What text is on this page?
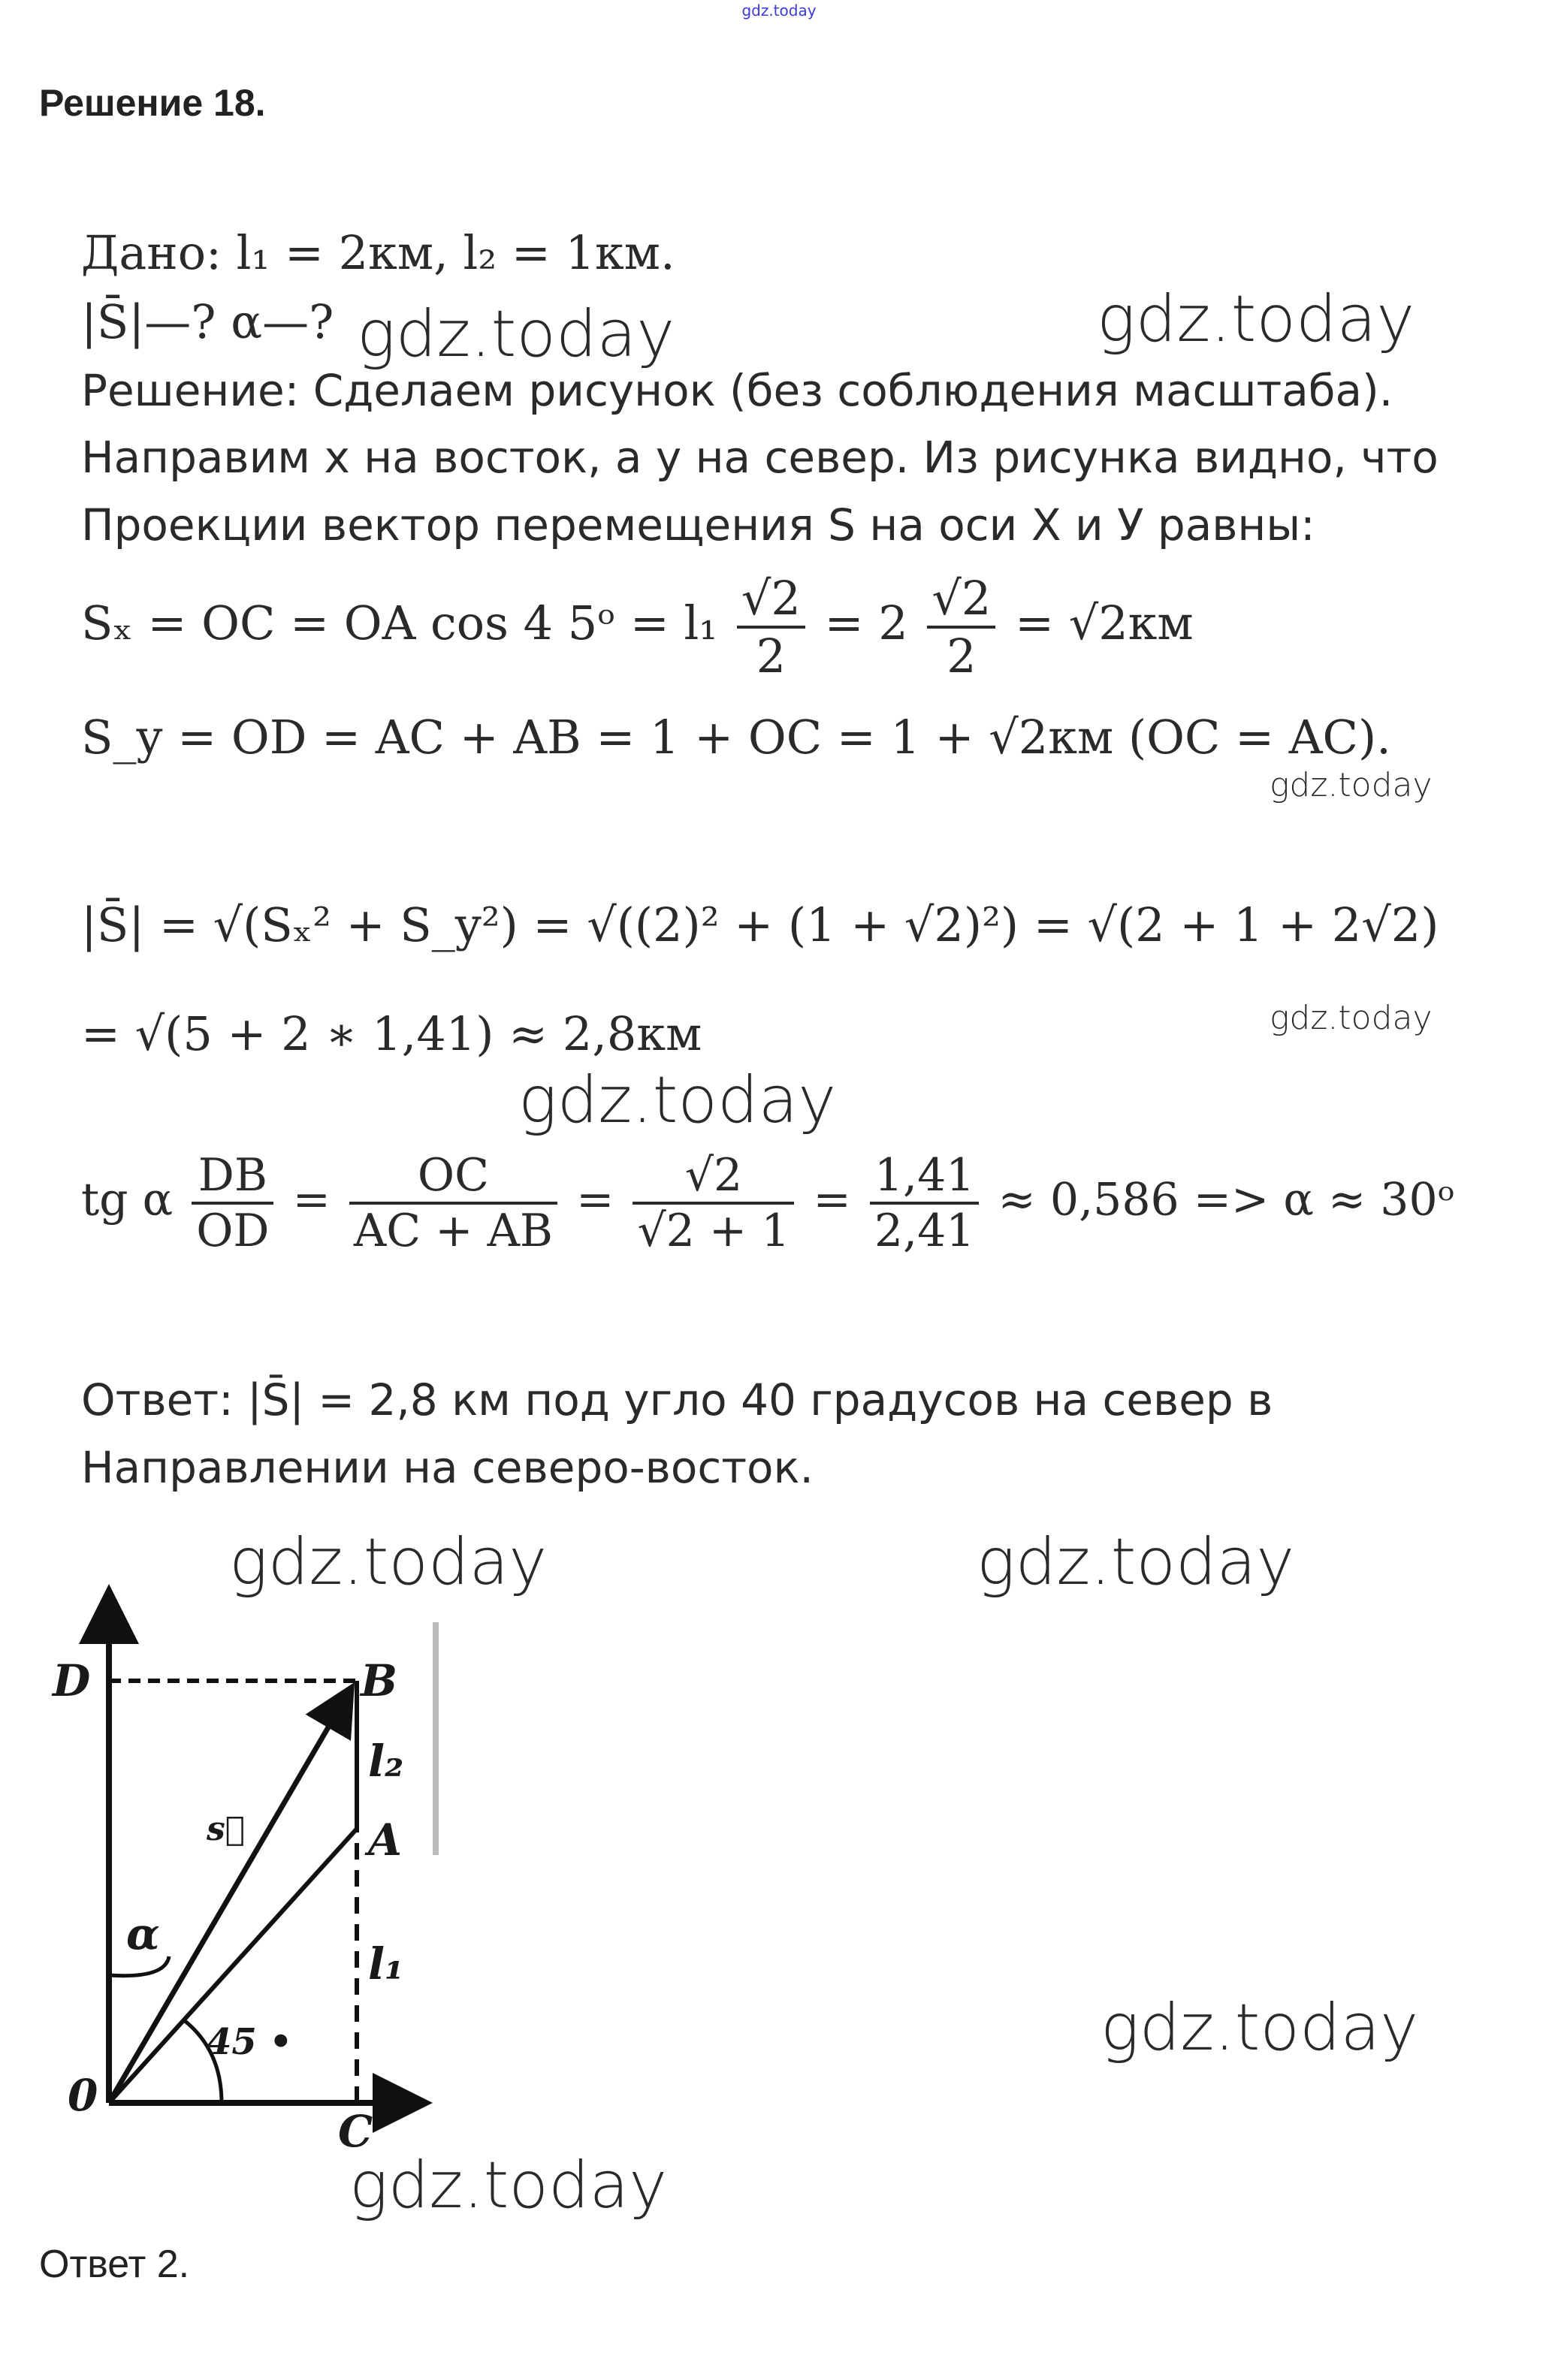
gdz.today
Решение 18.
Дано: l₁ = 2км, l₂ = 1км.
|S̄|—? α—?
Решение: Сделаем рисунок (без соблюдения масштаба).
Направим х на восток, а у на север. Из рисунка видно, что
Проекции вектор перемещения S на оси X и У равны:
Sₓ = OC = OA cos 4 5ᵒ = $l_1 \frac{√2}{2} = 2 \frac{√2}{2} = √2км$
S_y = OD = AC + AB = 1 + OC = 1 + √2км (OC = AC).
|S̄| = √(Sₓ² + S_y²) = √((2)² + (1 + √2)²) = √(2 + 1 + 2√2)
= √(5 + 2 ∗ 1,41) ≈ 2,8км
tg α $\frac{DB}{OD} = \frac{OC}{AC + AB} = \frac{√2}{√2 + 1} = \frac{1,41}{2,41} \approx 0,586 => \alpha$ ≈ 30ᵒ
Ответ: |S̄| = 2,8 км под угло 40 градусов на север в
Направлении на северо-восток.
gdz.today	gdz.today
gdz.today
gdz.today
gdz.today
gdz.today	gdz.today
gdz.today
gdz.today
D	B
A
0
C
l₂
l₁
s⃗
α
45 •
Ответ 2.
